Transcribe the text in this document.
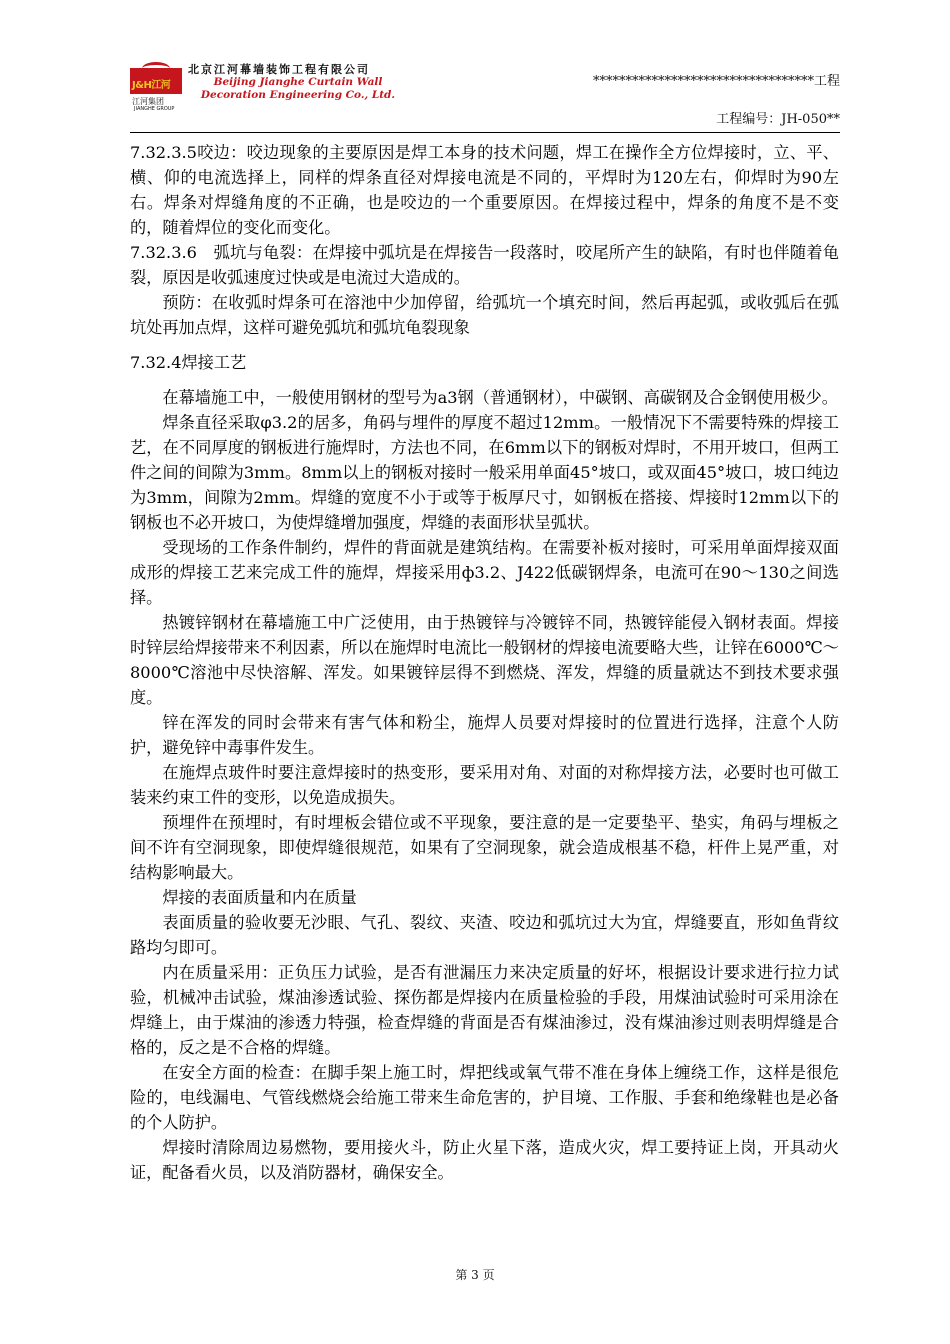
J&H江河
江河集团
JIANGHE GROUP
北京江河幕墙装饰工程有限公司
Beijing Jianghe Curtain Wall Decoration Engineering Co., Ltd.
**********************************工程
工程编号：JH-050**

7.32.3.5咬边：咬边现象的主要原因是焊工本身的技术问题，焊工在操作全方位焊接时，立、平、横、仰的电流选择上，同样的焊条直径对焊接电流是不同的，平焊时为120左右，仰焊时为90左右。焊条对焊缝角度的不正确，也是咬边的一个重要原因。在焊接过程中，焊条的角度不是不变的，随着焊位的变化而变化。

7.32.3.6　弧坑与龟裂：在焊接中弧坑是在焊接告一段落时，咬尾所产生的缺陷，有时也伴随着龟裂，原因是收弧速度过快或是电流过大造成的。

预防：在收弧时焊条可在溶池中少加停留，给弧坑一个填充时间，然后再起弧，或收弧后在弧坑处再加点焊，这样可避免弧坑和弧坑龟裂现象

7.32.4焊接工艺

在幕墙施工中，一般使用钢材的型号为a3钢（普通钢材），中碳钢、高碳钢及合金钢使用极少。

焊条直径采取φ3.2的居多，角码与埋件的厚度不超过12mm。一般情况下不需要特殊的焊接工艺，在不同厚度的钢板进行施焊时，方法也不同，在6mm以下的钢板对焊时，不用开坡口，但两工件之间的间隙为3mm。8mm以上的钢板对接时一般采用单面45°坡口，或双面45°坡口，坡口纯边为3mm，间隙为2mm。焊缝的宽度不小于或等于板厚尺寸，如钢板在搭接、焊接时12mm以下的钢板也不必开坡口，为使焊缝增加强度，焊缝的表面形状呈弧状。

受现场的工作条件制约，焊件的背面就是建筑结构。在需要补板对接时，可采用单面焊接双面成形的焊接工艺来完成工件的施焊，焊接采用ф3.2、J422低碳钢焊条，电流可在90～130之间选择。

热镀锌钢材在幕墙施工中广泛使用，由于热镀锌与冷镀锌不同，热镀锌能侵入钢材表面。焊接时锌层给焊接带来不利因素，所以在施焊时电流比一般钢材的焊接电流要略大些，让锌在6000℃～8000℃溶池中尽快溶解、浑发。如果镀锌层得不到燃烧、浑发，焊缝的质量就达不到技术要求强度。

锌在浑发的同时会带来有害气体和粉尘，施焊人员要对焊接时的位置进行选择，注意个人防护，避免锌中毒事件发生。

在施焊点玻件时要注意焊接时的热变形，要采用对角、对面的对称焊接方法，必要时也可做工装来约束工件的变形，以免造成损失。

预埋件在预埋时，有时埋板会错位或不平现象，要注意的是一定要垫平、垫实，角码与埋板之间不许有空洞现象，即使焊缝很规范，如果有了空洞现象，就会造成根基不稳，杆件上晃严重，对结构影响最大。

焊接的表面质量和内在质量

表面质量的验收要无沙眼、气孔、裂纹、夹渣、咬边和弧坑过大为宜，焊缝要直，形如鱼背纹路均匀即可。

内在质量采用：正负压力试验，是否有泄漏压力来决定质量的好坏，根据设计要求进行拉力试验，机械冲击试验，煤油渗透试验、探伤都是焊接内在质量检验的手段，用煤油试验时可采用涂在焊缝上，由于煤油的渗透力特强，检查焊缝的背面是否有煤油渗过，没有煤油渗过则表明焊缝是合格的，反之是不合格的焊缝。

在安全方面的检查：在脚手架上施工时，焊把线或氧气带不准在身体上缠绕工作，这样是很危险的，电线漏电、气管线燃烧会给施工带来生命危害的，护目境、工作服、手套和绝缘鞋也是必备的个人防护。

焊接时清除周边易燃物，要用接火斗，防止火星下落，造成火灾，焊工要持证上岗，开具动火证，配备看火员，以及消防器材，确保安全。

第 3 页
